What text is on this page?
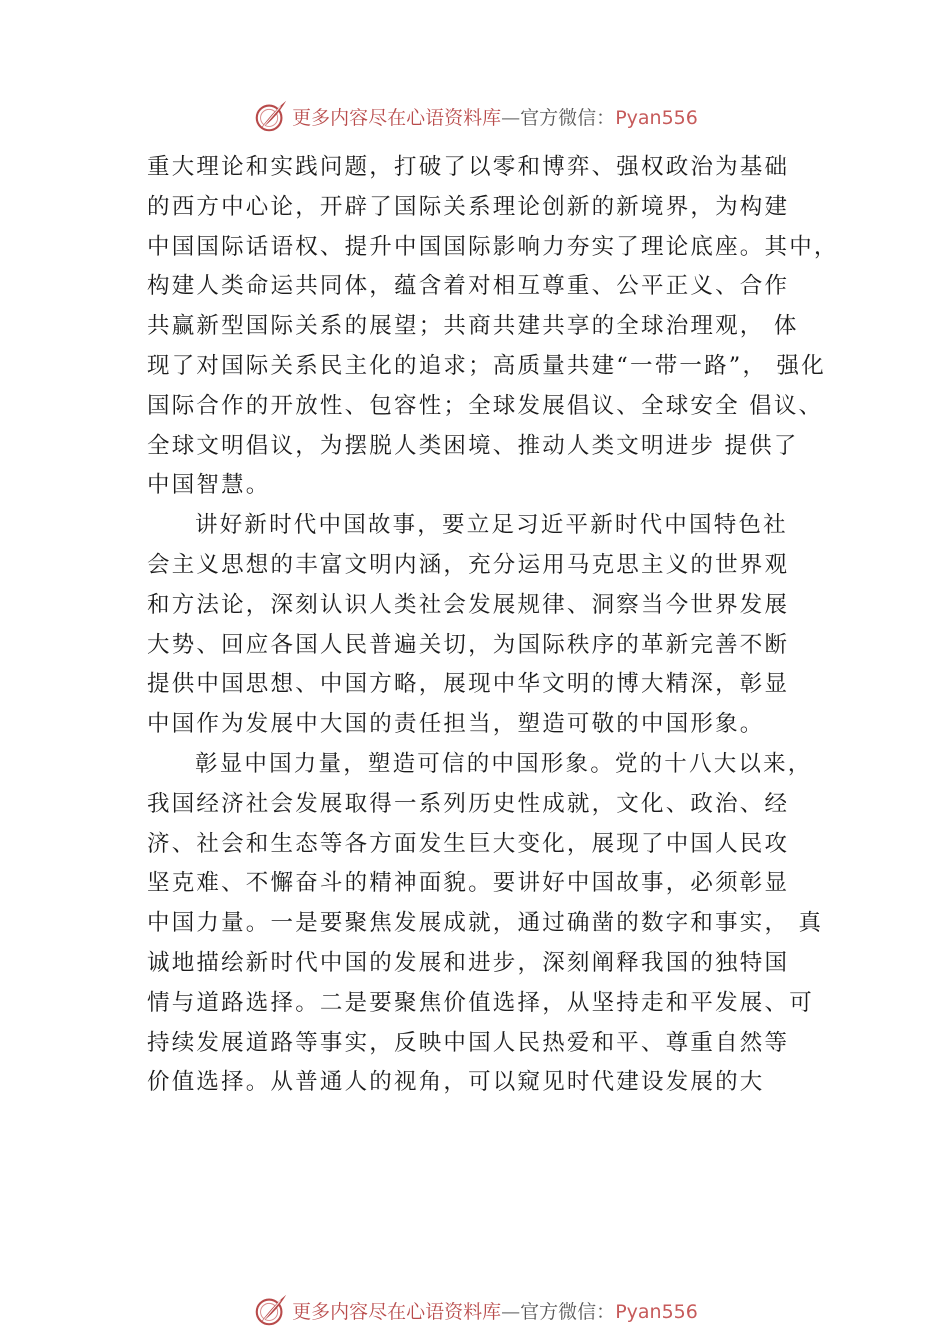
更多内容尽在心语资料库—官方微信：Pyan556
重大理论和实践问题，打破了以零和博弈、强权政治为基础
的西方中心论，开辟了国际关系理论创新的新境界，为构建
中国国际话语权、提升中国国际影响力夯实了理论底座。其中，
构建人类命运共同体，蕴含着对相互尊重、公平正义、合作
共赢新型国际关系的展望；共商共建共享的全球治理观， 体
现了对国际关系民主化的追求；高质量共建“一带一路”， 强化
国际合作的开放性、包容性；全球发展倡议、全球安全 倡议、
全球文明倡议，为摆脱人类困境、推动人类文明进步 提供了
中国智慧。
讲好新时代中国故事，要立足习近平新时代中国特色社
会主义思想的丰富文明内涵，充分运用马克思主义的世界观
和方法论，深刻认识人类社会发展规律、洞察当今世界发展
大势、回应各国人民普遍关切，为国际秩序的革新完善不断
提供中国思想、中国方略，展现中华文明的博大精深，彰显
中国作为发展中大国的责任担当，塑造可敬的中国形象。
彰显中国力量，塑造可信的中国形象。党的十八大以来，
我国经济社会发展取得一系列历史性成就，文化、政治、经
济、社会和生态等各方面发生巨大变化，展现了中国人民攻
坚克难、不懈奋斗的精神面貌。要讲好中国故事，必须彰显
中国力量。一是要聚焦发展成就，通过确凿的数字和事实， 真
诚地描绘新时代中国的发展和进步，深刻阐释我国的独特国
情与道路选择。二是要聚焦价值选择，从坚持走和平发展、可
持续发展道路等事实，反映中国人民热爱和平、尊重自然等
价值选择。从普通人的视角，可以窥见时代建设发展的大
更多内容尽在心语资料库—官方微信：Pyan556
